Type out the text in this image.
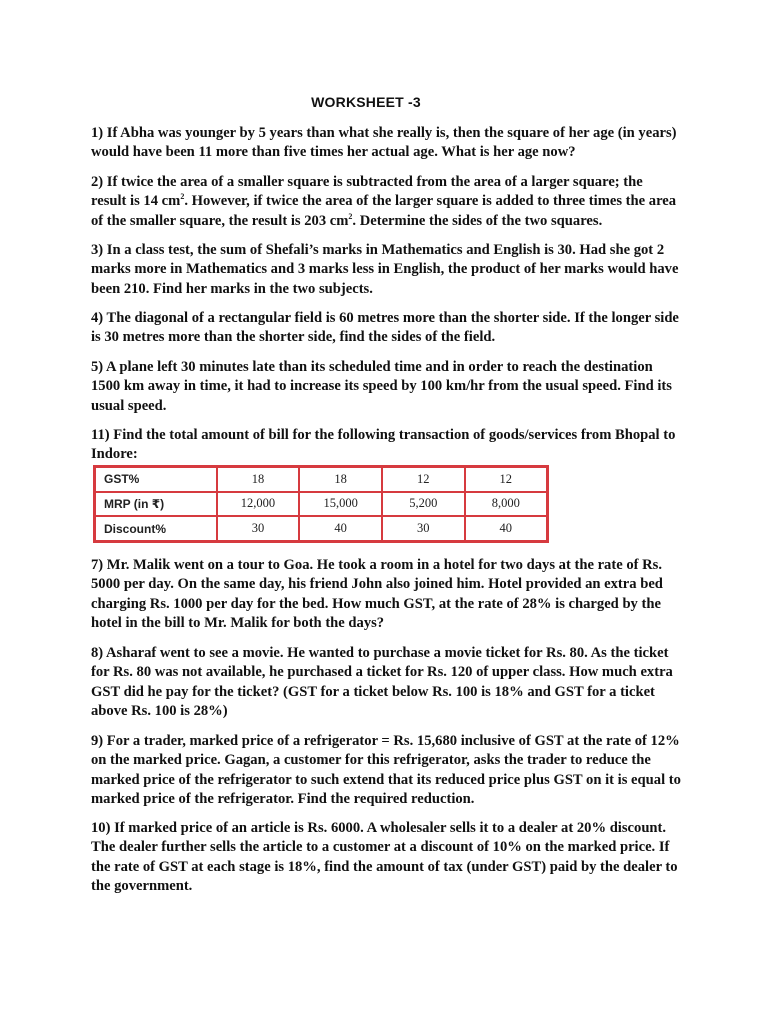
WORKSHEET -3
1) If Abha was younger by 5 years than what she really is, then the square of her age (in years) would have been 11 more than five times her actual age. What is her age now?
2) If twice the area of a smaller square is subtracted from the area of a larger square; the result is 14 $cm^2$. However, if twice the area of the larger square is added to three times the area of the smaller square, the result is 203 $cm^2$. Determine the sides of the two squares.
3) In a class test, the sum of Shefali’s marks in Mathematics and English is 30. Had she got 2 marks more in Mathematics and 3 marks less in English, the product of her marks would have been 210. Find her marks in the two subjects.
4) The diagonal of a rectangular field is 60 metres more than the shorter side. If the longer side is 30 metres more than the shorter side, find the sides of the field.
5) A plane left 30 minutes late than its scheduled time and in order to reach the destination 1500 km away in time, it had to increase its speed by 100 km/hr from the usual speed. Find its usual speed.
11) Find the total amount of bill for the following transaction of goods/services from Bhopal to Indore:
GST%	18	18	12	12
MRP (in ₹)	12,000	15,000	5,200	8,000
Discount%	30	40	30	40
7) Mr. Malik went on a tour to Goa. He took a room in a hotel for two days at the rate of Rs. 5000 per day. On the same day, his friend John also joined him. Hotel provided an extra bed charging Rs. 1000 per day for the bed. How much GST, at the rate of 28% is charged by the hotel in the bill to Mr. Malik for both the days?
8) Asharaf went to see a movie. He wanted to purchase a movie ticket for Rs. 80. As the ticket for Rs. 80 was not available, he purchased a ticket for Rs. 120 of upper class. How much extra GST did he pay for the ticket? (GST for a ticket below Rs. 100 is 18% and GST for a ticket above Rs. 100 is 28%)
9) For a trader, marked price of a refrigerator = Rs. 15,680 inclusive of GST at the rate of 12% on the marked price. Gagan, a customer for this refrigerator, asks the trader to reduce the marked price of the refrigerator to such extend that its reduced price plus GST on it is equal to marked price of the refrigerator. Find the required reduction.
10) If marked price of an article is Rs. 6000. A wholesaler sells it to a dealer at 20% discount. The dealer further sells the article to a customer at a discount of 10% on the marked price. If the rate of GST at each stage is 18%, find the amount of tax (under GST) paid by the dealer to the government.
